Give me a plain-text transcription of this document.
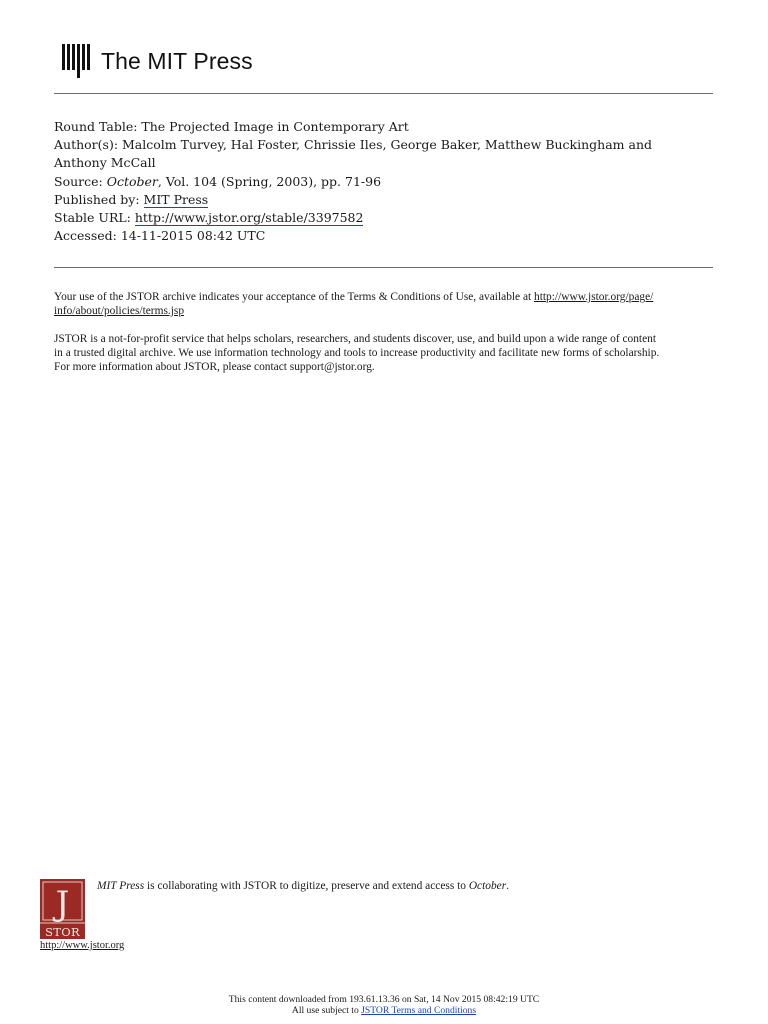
The MIT Press
Round Table: The Projected Image in Contemporary Art
Author(s): Malcolm Turvey, Hal Foster, Chrissie Iles, George Baker, Matthew Buckingham and
Anthony McCall
Source: October, Vol. 104 (Spring, 2003), pp. 71-96
Published by: MIT Press
Stable URL: http://www.jstor.org/stable/3397582
Accessed: 14-11-2015 08:42 UTC
Your use of the JSTOR archive indicates your acceptance of the Terms & Conditions of Use, available at http://www.jstor.org/page/
info/about/policies/terms.jsp
JSTOR is a not-for-profit service that helps scholars, researchers, and students discover, use, and build upon a wide range of content
in a trusted digital archive. We use information technology and tools to increase productivity and facilitate new forms of scholarship.
For more information about JSTOR, please contact support@jstor.org.
J
STOR
http://www.jstor.org
MIT Press is collaborating with JSTOR to digitize, preserve and extend access to October.
This content downloaded from 193.61.13.36 on Sat, 14 Nov 2015 08:42:19 UTC
All use subject to JSTOR Terms and Conditions
